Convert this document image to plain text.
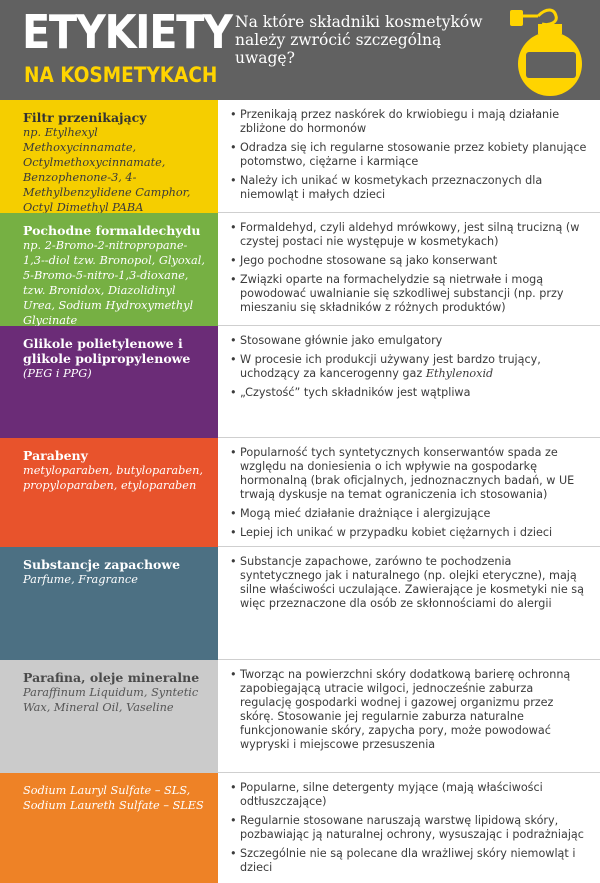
ETYKIETY
NA KOSMETYKACH
Na które składniki kosmetyków należy zwrócić szczególną uwagę?
Filtr przenikający
np. Etylhexyl Methoxycinnamate, Octylmethoxycinnamate, Benzophenone-3, 4- Methylbenzylidene Camphor, Octyl Dimethyl PABA
• Przenikają przez naskórek do krwiobiegu i mają działanie zbliżone do hormonów
• Odradza się ich regularne stosowanie przez kobiety planujące potomstwo, ciężarne i karmiące
• Należy ich unikać w kosmetykach przeznaczonych dla niemowląt i małych dzieci
Pochodne formaldechydu
np. 2-Bromo-2-nitropropane-1,3--diol tzw. Bronopol, Glyoxal, 5-Bromo-5-nitro-1,3-dioxane, tzw. Bronidox, Diazolidinyl Urea, Sodium Hydroxymethyl Glycinate
• Formaldehyd, czyli aldehyd mrówkowy, jest silną trucizną (w czystej postaci nie występuje w kosmetykach)
• Jego pochodne stosowane są jako konserwant
• Związki oparte na formachelydzie są nietrwałe i mogą powodować uwalnianie się szkodliwej substancji (np. przy mieszaniu się składników z różnych produktów)
Glikole polietylenowe i glikole polipropylenowe
(PEG i PPG)
• Stosowane głównie jako emulgatory
• W procesie ich produkcji używany jest bardzo trujący, uchodzący za kancerogenny gaz Ethylenoxid
• „Czystość” tych składników jest wątpliwa
Parabeny
metyloparaben, butyloparaben, propyloparaben, etyloparaben
• Popularność tych syntetycznych konserwantów spada ze względu na doniesienia o ich wpływie na gospodarkę hormonalną (brak oficjalnych, jednoznacznych badań, w UE trwają dyskusje na temat ograniczenia ich stosowania)
• Mogą mieć działanie drażniące i alergizujące
• Lepiej ich unikać w przypadku kobiet ciężarnych i dzieci
Substancje zapachowe
Parfume, Fragrance
• Substancje zapachowe, zarówno te pochodzenia syntetycznego jak i naturalnego (np. olejki eteryczne), mają silne właściwości uczulające. Zawierające je kosmetyki nie są więc przeznaczone dla osób ze skłonnościami do alergii
Parafina, oleje mineralne
Paraffinum Liquidum, Syntetic Wax, Mineral Oil, Vaseline
• Tworząc na powierzchni skóry dodatkową barierę ochronną zapobiegającą utracie wilgoci, jednocześnie zaburza regulację gospodarki wodnej i gazowej organizmu przez skórę. Stosowanie jej regularnie zaburza naturalne funkcjonowanie skóry, zapycha pory, może powodować wypryski i miejscowe przesuszenia
Sodium Lauryl Sulfate – SLS, Sodium Laureth Sulfate – SLES
• Popularne, silne detergenty myjące (mają właściwości odtłuszczające)
• Regularnie stosowane naruszają warstwę lipidową skóry, pozbawiając ją naturalnej ochrony, wysuszając i podrażniając
• Szczególnie nie są polecane dla wrażliwej skóry niemowląt i dzieci
